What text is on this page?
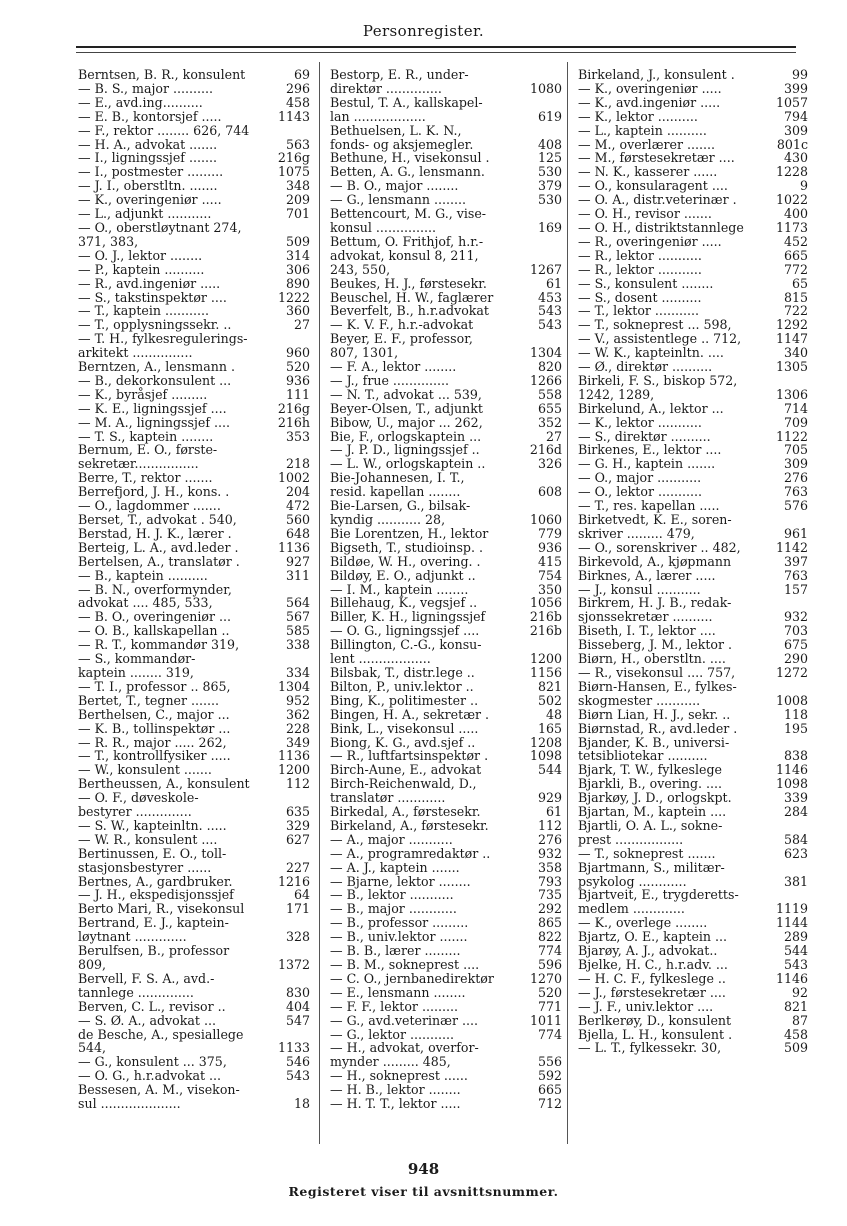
Personregister.
Berntsen, B. R., konsulent	69
— B. S., major ..........	296
— E., avd.ing..........	458
— E. B., kontorsjef .....	1143
— F., rektor ........ 626, 744
— H. A., advokat .......	563
— I., ligningssjef .......	216g
— I., postmester .........	1075
— J. I., oberstltn. .......	348
— K., overingeniør .....	209
— L., adjunkt ...........	701
— O., oberstløytnant 274,
371, 383,	509
— O. J., lektor ........	314
— P., kaptein ..........	306
— R., avd.ingeniør .....	890
— S., takstinspektør ....	1222
— T., kaptein ...........	360
— T., opplysningssekr. ..	27
— T. H., fylkesregulerings-
arkitekt ...............	960
Berntzen, A., lensmann .	520
— B., dekorkonsulent ...	936
— K., byråsjef .........	111
— K. E., ligningssjef ....	216g
— M. A., ligningssjef ....	216h
— T. S., kaptein ........	353
Bernum, E. O., første-
sekretær................	218
Berre, T., rektor .......	1002
Berrefjord, J. H., kons. .	204
— O., lagdommer .......	472
Berset, T., advokat . 540,	560
Berstad, H. J. K., lærer .	648
Berteig, L. A., avd.leder .	1136
Bertelsen, A., translatør .	927
— B., kaptein ..........	311
— B. N., overformynder,
advokat .... 485, 533,	564
— B. O., overingeniør ...	567
— O. B., kallskapellan ..	585
— R. T., kommandør 319,	338
— S., kommandør-
kaptein ........ 319,	334
— T. I., professor .. 865,	1304
Bertet, T., tegner .......	952
Berthelsen, C., major ...	362
— K. B., tollinspektør ...	228
— R. R., major ..... 262,	349
— T., kontrollfysiker .....	1136
— W., konsulent .......	1200
Bertheussen, A., konsulent	112
— O. F., døveskole-
bestyrer ..............	635
— S. W., kapteinltn. .....	329
— W. R., konsulent ....	627
Bertinussen, E. O., toll-
stasjonsbestyrer ......	227
Bertnes, A., gardbruker.	1216
— J. H., ekspedisjonssjef	64
Berto Mari, R., visekonsul	171
Bertrand, E. J., kaptein-
løytnant .............	328
Berulfsen, B., professor
809,	1372
Bervell, F. S. A., avd.-
tannlege ..............	830
Berven, C. L., revisor ..	404
— S. Ø. A., advokat ...	547
de Besche, A., spesiallege
544,	1133
— G., konsulent ... 375,	546
— O. G., h.r.advokat ...	543
Bessesen, A. M., visekon-
sul ....................	18
Bestorp, E. R., under-
direktør ..............	1080
Bestul, T. A., kallskapel-
lan ..................	619
Bethuelsen, L. K. N.,
fonds- og aksjemegler.	408
Bethune, H., visekonsul .	125
Betten, A. G., lensmann.	530
— B. O., major ........	379
— G., lensmann ........	530
Bettencourt, M. G., vise-
konsul ...............	169
Bettum, O. Frithjof, h.r.-
advokat, konsul 8, 211,
243, 550,	1267
Beukes, H. J., førstesekr.	61
Beuschel, H. W., faglærer	453
Beverfelt, B., h.r.advokat	543
— K. V. F., h.r.-advokat	543
Beyer, E. F., professor,
807, 1301,	1304
— F. A., lektor ........	820
— J., frue ..............	1266
— N. T., advokat ... 539,	558
Beyer-Olsen, T., adjunkt	655
Bibow, U., major ... 262,	352
Bie, F., orlogskaptein ...	27
— J. P. D., ligningssjef ..	216d
— L. W., orlogskaptein ..	326
Bie-Johannesen, I. T.,
resid. kapellan ........	608
Bie-Larsen, G., bilsak-
kyndig ........... 28,	1060
Bie Lorentzen, H., lektor	779
Bigseth, T., studioinsp. .	936
Bildøe, W. H., overing. .	415
Bildøy, E. O., adjunkt ..	754
— I. M., kaptein ........	350
Billehaug, K., vegsjef ..	1056
Biller, K. H., ligningssjef	216b
— O. G., ligningssjef ....	216b
Billington, C.-G., konsu-
lent ..................	1200
Bilsbak, T., distr.lege ..	1156
Bilton, P., univ.lektor ..	821
Bing, K., politimester ..	502
Bingen, H. A., sekretær .	48
Bink, L., visekonsul .....	165
Biong, K. G., avd.sjef ..	1208
— R., luftfartsinspektør .	1098
Birch-Aune, E., advokat	544
Birch-Reichenwald, D.,
translatør ............	929
Birkedal, A., førstesekr.	61
Birkeland, A., førstesekr.	112
— A., major ...........	276
— A., programredaktør ..	932
— A. J., kaptein .......	358
— Bjarne, lektor ........	793
— B., lektor ...........	735
— B., major ............	292
— B., professor .........	865
— B., univ.lektor .......	822
— B. B., lærer .........	774
— B. M., sokneprest ....	596
— C. O., jernbanedirektør	1270
— E., lensmann ........	520
— F. F., lektor .........	771
— G., avd.veterinær ....	1011
— G., lektor ...........	774
— H., advokat, overfor-
mynder ......... 485,	556
— H., sokneprest ......	592
— H. B., lektor ........	665
— H. T. T., lektor .....	712
Birkeland, J., konsulent .	99
— K., overingeniør .....	399
— K., avd.ingeniør .....	1057
— K., lektor ..........	794
— L., kaptein ..........	309
— M., overlærer .......	801c
— M., førstesekretær ....	430
— N. K., kasserer ......	1228
— O., konsularagent ....	9
— O. A., distr.veterinær .	1022
— O. H., revisor .......	400
— O. H., distriktstannlege	1173
— R., overingeniør .....	452
— R., lektor ...........	665
— R., lektor ...........	772
— S., konsulent ........	65
— S., dosent ..........	815
— T., lektor ...........	722
— T., sokneprest ... 598,	1292
— V., assistentlege .. 712,	1147
— W. K., kapteinltn. ....	340
— Ø., direktør ..........	1305
Birkeli, F. S., biskop 572,
1242, 1289,	1306
Birkelund, A., lektor ...	714
— K., lektor ...........	709
— S., direktør ..........	1122
Birkenes, E., lektor ....	705
— G. H., kaptein .......	309
— O., major ...........	276
— O., lektor ...........	763
— T., res. kapellan .....	576
Birketvedt, K. E., soren-
skriver ......... 479,	961
— O., sorenskriver .. 482,	1142
Birkevold, A., kjøpmann	397
Birknes, A., lærer .....	763
— J., konsul ...........	157
Birkrem, H. J. B., redak-
sjonssekretær ..........	932
Biseth, I. T., lektor ....	703
Bisseberg, J. M., lektor .	675
Biørn, H., oberstltn. ....	290
— R., visekonsul .... 757,	1272
Biørn-Hansen, E., fylkes-
skogmester ...........	1008
Biørn Lian, H. J., sekr. ..	118
Biørnstad, R., avd.leder .	195
Bjander, K. B., universi-
tetsibliotekar ..........	838
Bjark, T. W., fylkeslege	1146
Bjarkli, B., overing. ....	1098
Bjarkøy, J. D., orlogskpt.	339
Bjartan, M., kaptein ....	284
Bjartli, O. A. L., sokne-
prest .................	584
— T., sokneprest .......	623
Bjartmann, S., militær-
psykolog ............	381
Bjartveit, E., trygderetts-
medlem .............	1119
— K., overlege ........	1144
Bjartz, O. E., kaptein ...	289
Bjarøy, A. J., advokat..	544
Bjelke, H. C., h.r.adv. ...	543
— H. C. F., fylkeslege ..	1146
— J., førstesekretær ....	92
— J. F., univ.lektor ....	821
Berlkerøy, D., konsulent	87
Bjella, L. H., konsulent .	458
— L. T., fylkessekr. 30,	509
948
Registeret viser til avsnittsnummer.
